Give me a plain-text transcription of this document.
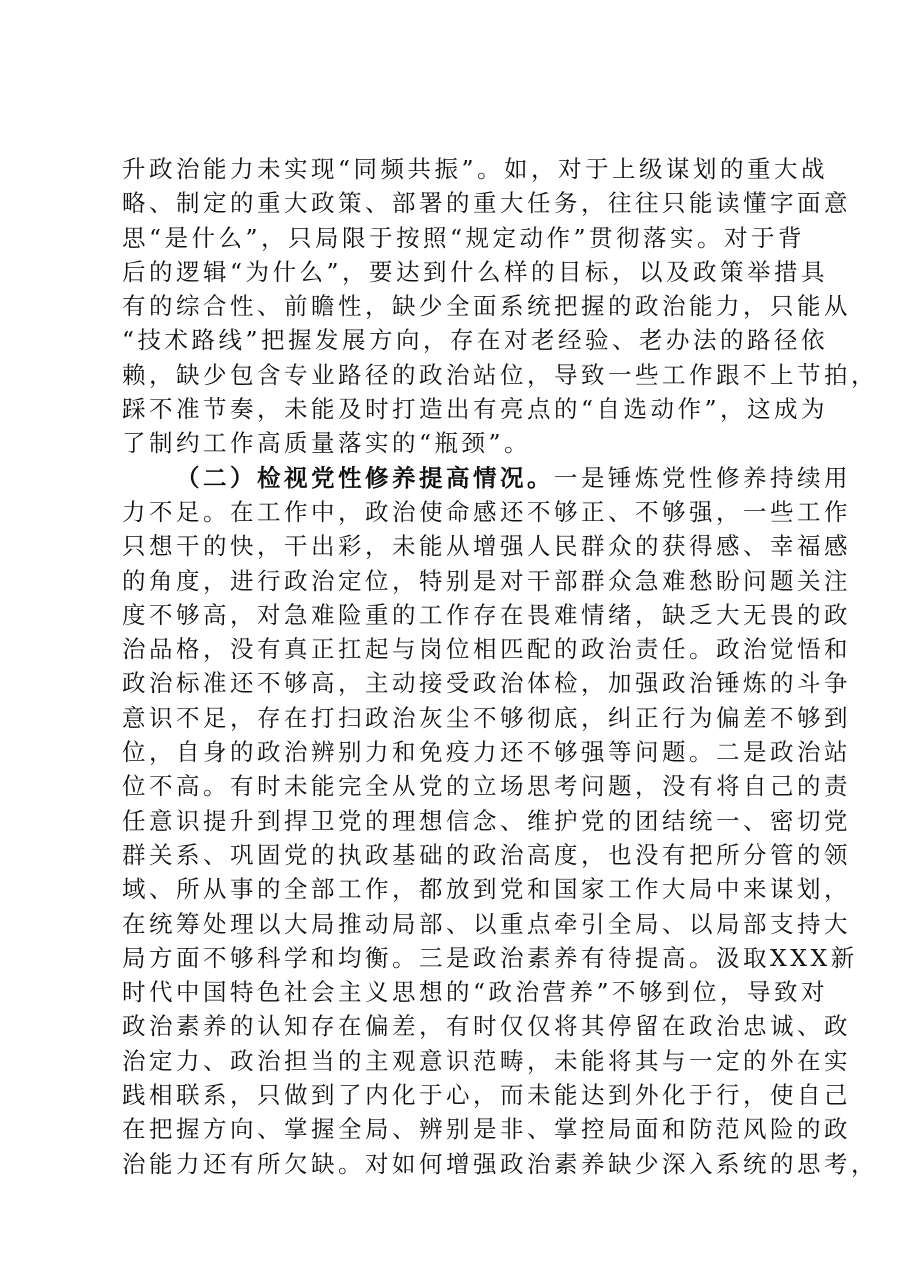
升政治能力未实现“同频共振”。如，对于上级谋划的重大战
略、制定的重大政策、部署的重大任务，往往只能读懂字面意
思“是什么”，只局限于按照“规定动作”贯彻落实。对于背
后的逻辑“为什么”，要达到什么样的目标，以及政策举措具
有的综合性、前瞻性，缺少全面系统把握的政治能力，只能从
“技术路线”把握发展方向，存在对老经验、老办法的路径依
赖，缺少包含专业路径的政治站位，导致一些工作跟不上节拍，
踩不准节奏，未能及时打造出有亮点的“自选动作”，这成为
了制约工作高质量落实的“瓶颈”。
（二）检视党性修养提高情况。一是锤炼党性修养持续用
力不足。在工作中，政治使命感还不够正、不够强，一些工作
只想干的快，干出彩，未能从增强人民群众的获得感、幸福感
的角度，进行政治定位，特别是对干部群众急难愁盼问题关注
度不够高，对急难险重的工作存在畏难情绪，缺乏大无畏的政
治品格，没有真正扛起与岗位相匹配的政治责任。政治觉悟和
政治标准还不够高，主动接受政治体检，加强政治锤炼的斗争
意识不足，存在打扫政治灰尘不够彻底，纠正行为偏差不够到
位，自身的政治辨别力和免疫力还不够强等问题。二是政治站
位不高。有时未能完全从党的立场思考问题，没有将自己的责
任意识提升到捍卫党的理想信念、维护党的团结统一、密切党
群关系、巩固党的执政基础的政治高度，也没有把所分管的领
域、所从事的全部工作，都放到党和国家工作大局中来谋划，
在统筹处理以大局推动局部、以重点牵引全局、以局部支持大
局方面不够科学和均衡。三是政治素养有待提高。汲取XXX新
时代中国特色社会主义思想的“政治营养”不够到位，导致对
政治素养的认知存在偏差，有时仅仅将其停留在政治忠诚、政
治定力、政治担当的主观意识范畴，未能将其与一定的外在实
践相联系，只做到了内化于心，而未能达到外化于行，使自己
在把握方向、掌握全局、辨别是非、掌控局面和防范风险的政
治能力还有所欠缺。对如何增强政治素养缺少深入系统的思考，
